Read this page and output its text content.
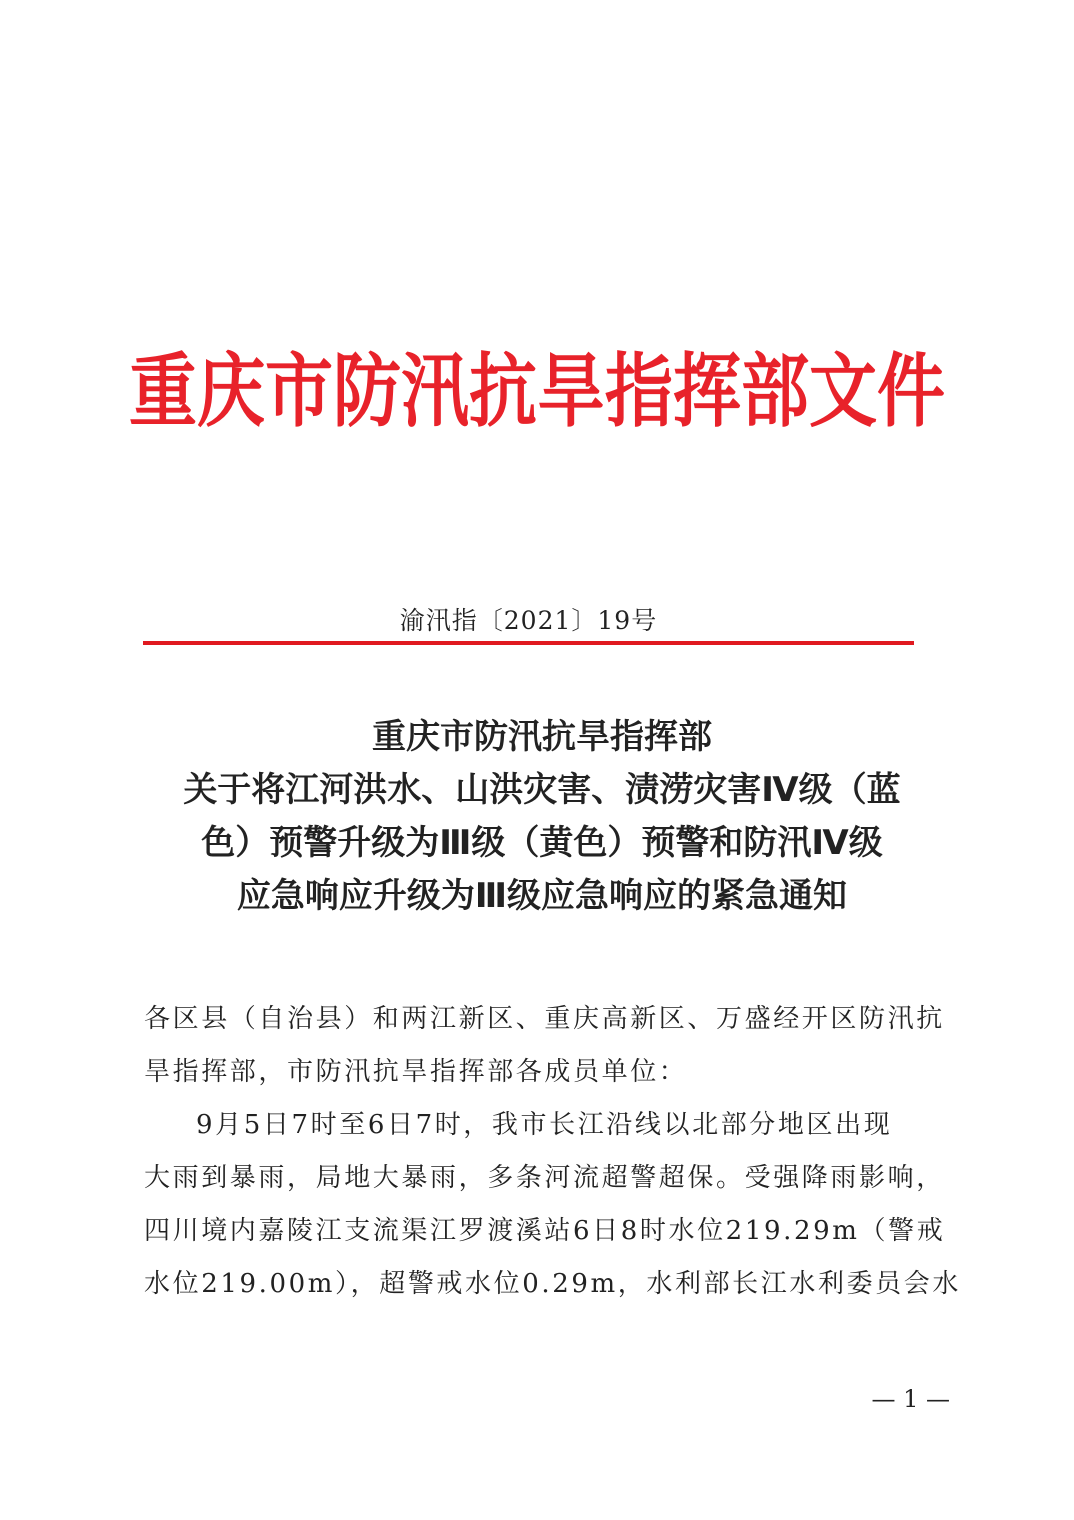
重庆市防汛抗旱指挥部文件
渝汛指〔2021〕19号
重庆市防汛抗旱指挥部
关于将江河洪水、山洪灾害、渍涝灾害Ⅳ级（蓝
色）预警升级为Ⅲ级（黄色）预警和防汛Ⅳ级
应急响应升级为Ⅲ级应急响应的紧急通知

各区县（自治县）和两江新区、重庆高新区、万盛经开区防汛抗
旱指挥部，市防汛抗旱指挥部各成员单位：

9月5日7时至6日7时，我市长江沿线以北部分地区出现
大雨到暴雨，局地大暴雨，多条河流超警超保。受强降雨影响，
四川境内嘉陵江支流渠江罗渡溪站6日8时水位219.29m（警戒
水位219.00m），超警戒水位0.29m，水利部长江水利委员会水

— 1 —
